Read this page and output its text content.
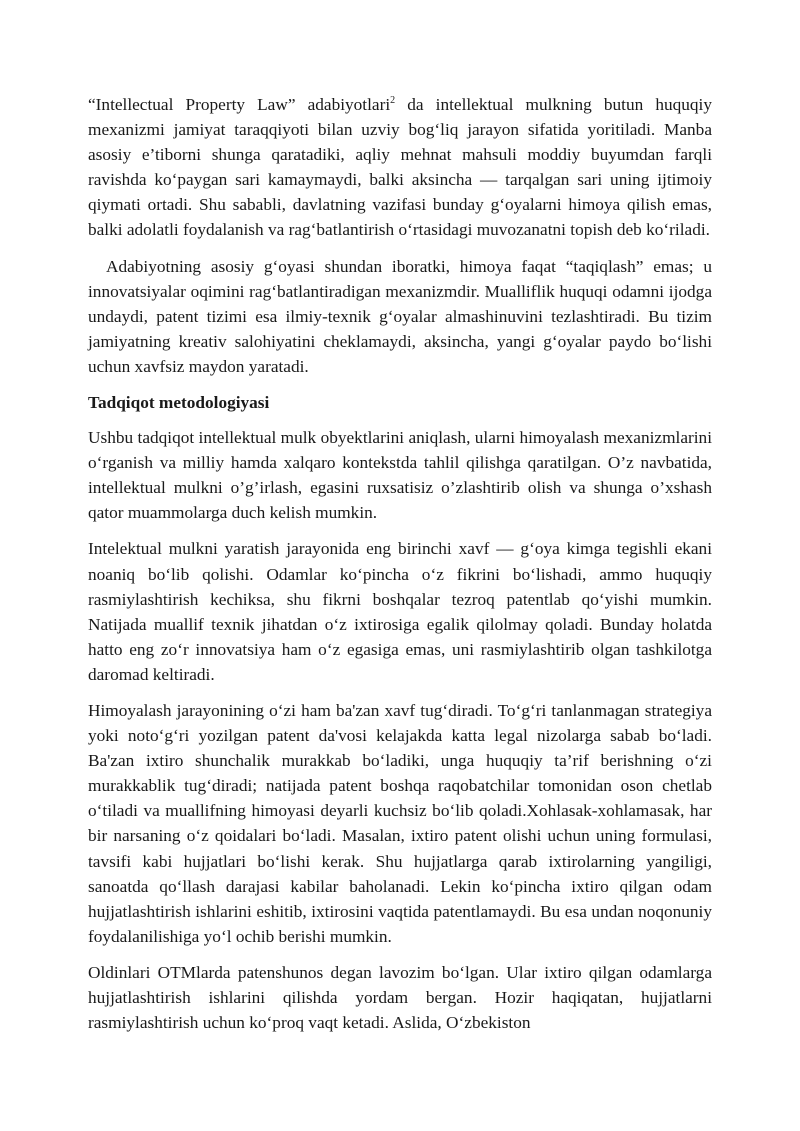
“Intellectual Property Law” adabiyotlari$^2$ da intellektual mulkning butun huquqiy mexanizmi jamiyat taraqqiyoti bilan uzviy bog‘liq jarayon sifatida yoritiladi. Manba asosiy e’tiborni shunga qaratadiki, aqliy mehnat mahsuli moddiy buyumdan farqli ravishda ko‘paygan sari kamaymaydi, balki aksincha — tarqalgan sari uning ijtimoiy qiymati ortadi. Shu sababli, davlatning vazifasi bunday g‘oyalarni himoya qilish emas, balki adolatli foydalanish va rag‘batlantirish o‘rtasidagi muvozanatni topish deb ko‘riladi.

Adabiyotning asosiy g‘oyasi shundan iboratki, himoya faqat “taqiqlash” emas; u innovatsiyalar oqimini rag‘batlantiradigan mexanizmdir. Mualliflik huquqi odamni ijodga undaydi, patent tizimi esa ilmiy-texnik g‘oyalar almashinuvini tezlashtiradi. Bu tizim jamiyatning kreativ salohiyatini cheklamaydi, aksincha, yangi g‘oyalar paydo bo‘lishi uchun xavfsiz maydon yaratadi.

Tadqiqot metodologiyasi

Ushbu tadqiqot intellektual mulk obyektlarini aniqlash, ularni himoyalash mexanizmlarini o‘rganish va milliy hamda xalqaro kontekstda tahlil qilishga qaratilgan. O’z navbatida, intellektual mulkni o’g’irlash, egasini ruxsatisiz o’zlashtirib olish va shunga o’xshash qator muammolarga duch kelish mumkin.

Intelektual mulkni yaratish jarayonida eng birinchi xavf — g‘oya kimga tegishli ekani noaniq bo‘lib qolishi. Odamlar ko‘pincha o‘z fikrini bo‘lishadi, ammo huquqiy rasmiylashtirish kechiksa, shu fikrni boshqalar tezroq patentlab qo‘yishi mumkin. Natijada muallif texnik jihatdan o‘z ixtirosiga egalik qilolmay qoladi. Bunday holatda hatto eng zo‘r innovatsiya ham o‘z egasiga emas, uni rasmiylashtirib olgan tashkilotga daromad keltiradi.

Himoyalash jarayonining o‘zi ham ba'zan xavf tug‘diradi. To‘g‘ri tanlanmagan strategiya yoki noto‘g‘ri yozilgan patent da'vosi kelajakda katta legal nizolarga sabab bo‘ladi. Ba'zan ixtiro shunchalik murakkab bo‘ladiki, unga huquqiy ta’rif berishning o‘zi murakkablik tug‘diradi; natijada patent boshqa raqobatchilar tomonidan oson chetlab o‘tiladi va muallifning himoyasi deyarli kuchsiz bo‘lib qoladi.Xohlasak-xohlamasak, har bir narsaning o‘z qoidalari bo‘ladi. Masalan, ixtiro patent olishi uchun uning formulasi, tavsifi kabi hujjatlari bo‘lishi kerak. Shu hujjatlarga qarab ixtirolarning yangiligi, sanoatda qo‘llash darajasi kabilar baholanadi. Lekin ko‘pincha ixtiro qilgan odam hujjatlashtirish ishlarini eshitib, ixtirosini vaqtida patentlamaydi. Bu esa undan noqonuniy foydalanilishiga yo‘l ochib berishi mumkin.

Oldinlari OTMlarda patenshunos degan lavozim bo‘lgan. Ular ixtiro qilgan odamlarga hujjatlashtirish ishlarini qilishda yordam bergan. Hozir haqiqatan, hujjatlarni rasmiylashtirish uchun ko‘proq vaqt ketadi. Aslida, O‘zbekiston
